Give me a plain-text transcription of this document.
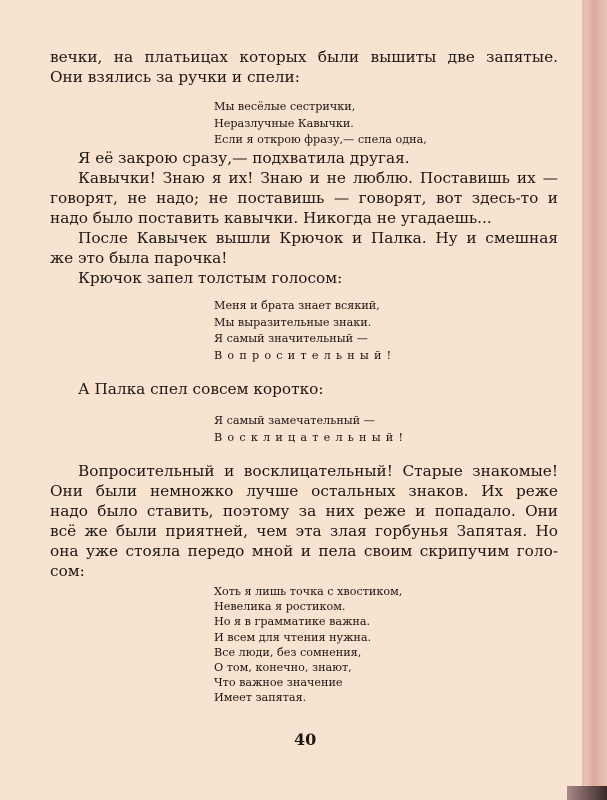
вечки, на платьицах которых были вышиты две запятые.
Они взялись за ручки и спели:
Мы весёлые сестрички,
Неразлучные Кавычки.
Если я открою фразу,— спела одна,
Я её закрою сразу,— подхватила другая.
Кавычки! Знаю я их! Знаю и не люблю. Поставишь их —
говорят, не надо; не поставишь — говорят, вот здесь-то и
надо было поставить кавычки. Никогда не угадаешь...
После Кавычек вышли Крючок и Палка. Ну и смешная
же это была парочка!
Крючок запел толстым голосом:
Меня и брата знает всякий,
Мы выразительные знаки.
Я самый значительный —
Вопросительный!
А Палка спел совсем коротко:
Я самый замечательный —
Восклицательный!
Вопросительный и восклицательный! Старые знакомые!
Они были немножко лучше остальных знаков. Их реже
надо было ставить, поэтому за них реже и попадало. Они
всё же были приятней, чем эта злая горбунья Запятая. Но
она уже стояла передо мной и пела своим скрипучим голо-
сом:
Хоть я лишь точка с хвостиком,
Невелика я ростиком.
Но я в грамматике важна.
И всем для чтения нужна.
Все люди, без сомнения,
О том, конечно, знают,
Что важное значение
Имеет запятая.
40
